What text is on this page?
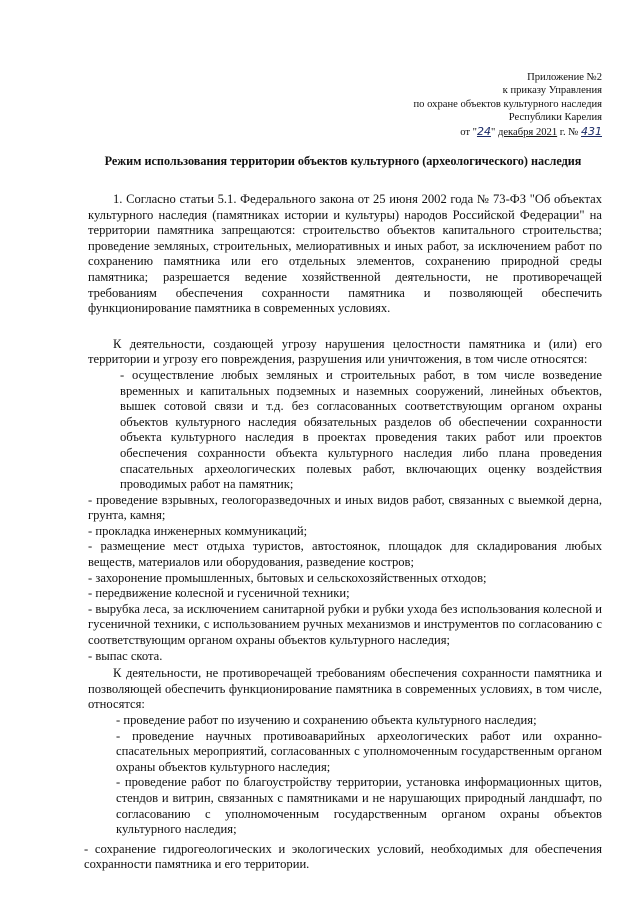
Приложение №2
к приказу Управления
по охране объектов культурного наследия
Республики Карелия
от "24" декабря 2021 г. № 431
Режим использования территории объектов культурного (археологического) наследия

1. Согласно статьи 5.1. Федерального закона от 25 июня 2002 года № 73-ФЗ "Об объектах культурного наследия (памятниках истории и культуры) народов Российской Федерации" на территории памятника запрещаются: строительство объектов капитального строительства; проведение земляных, строительных, мелиоративных и иных работ, за исключением работ по сохранению памятника или его отдельных элементов, сохранению природной среды памятника; разрешается ведение хозяйственной деятельности, не противоречащей требованиям обеспечения сохранности памятника и позволяющей обеспечить функционирование памятника в современных условиях.

К деятельности, создающей угрозу нарушения целостности памятника и (или) его территории и угрозу его повреждения, разрушения или уничтожения, в том числе относятся:

- осуществление любых земляных и строительных работ, в том числе возведение временных и капитальных подземных и наземных сооружений, линейных объектов, вышек сотовой связи и т.д. без согласованных соответствующим органом охраны объектов культурного наследия обязательных разделов об обеспечении сохранности объекта культурного наследия в проектах проведения таких работ или проектов обеспечения сохранности объекта культурного наследия либо плана проведения спасательных археологических полевых работ, включающих оценку воздействия проводимых работ на памятник;

- проведение взрывных, геологоразведочных и иных видов работ, связанных с выемкой дерна, грунта, камня;

- прокладка инженерных коммуникаций;

- размещение мест отдыха туристов, автостоянок, площадок для складирования любых веществ, материалов или оборудования, разведение костров;

- захоронение промышленных, бытовых и сельскохозяйственных отходов;

- передвижение колесной и гусеничной техники;

- вырубка леса, за исключением санитарной рубки и рубки ухода без использования колесной и гусеничной техники, с использованием ручных механизмов и инструментов по согласованию с соответствующим органом охраны объектов культурного наследия;

- выпас скота.

К деятельности, не противоречащей требованиям обеспечения сохранности памятника и позволяющей обеспечить функционирование памятника в современных условиях, в том числе, относятся:

- проведение работ по изучению и сохранению объекта культурного наследия;

- проведение научных противоаварийных археологических работ или охранно-спасательных мероприятий, согласованных с уполномоченным государственным органом охраны объектов культурного наследия;

- проведение работ по благоустройству территории, установка информационных щитов, стендов и витрин, связанных с памятниками и не нарушающих природный ландшафт, по согласованию с уполномоченным государственным органом охраны объектов культурного наследия;

- сохранение гидрогеологических и экологических условий, необходимых для обеспечения сохранности памятника и его территории.
